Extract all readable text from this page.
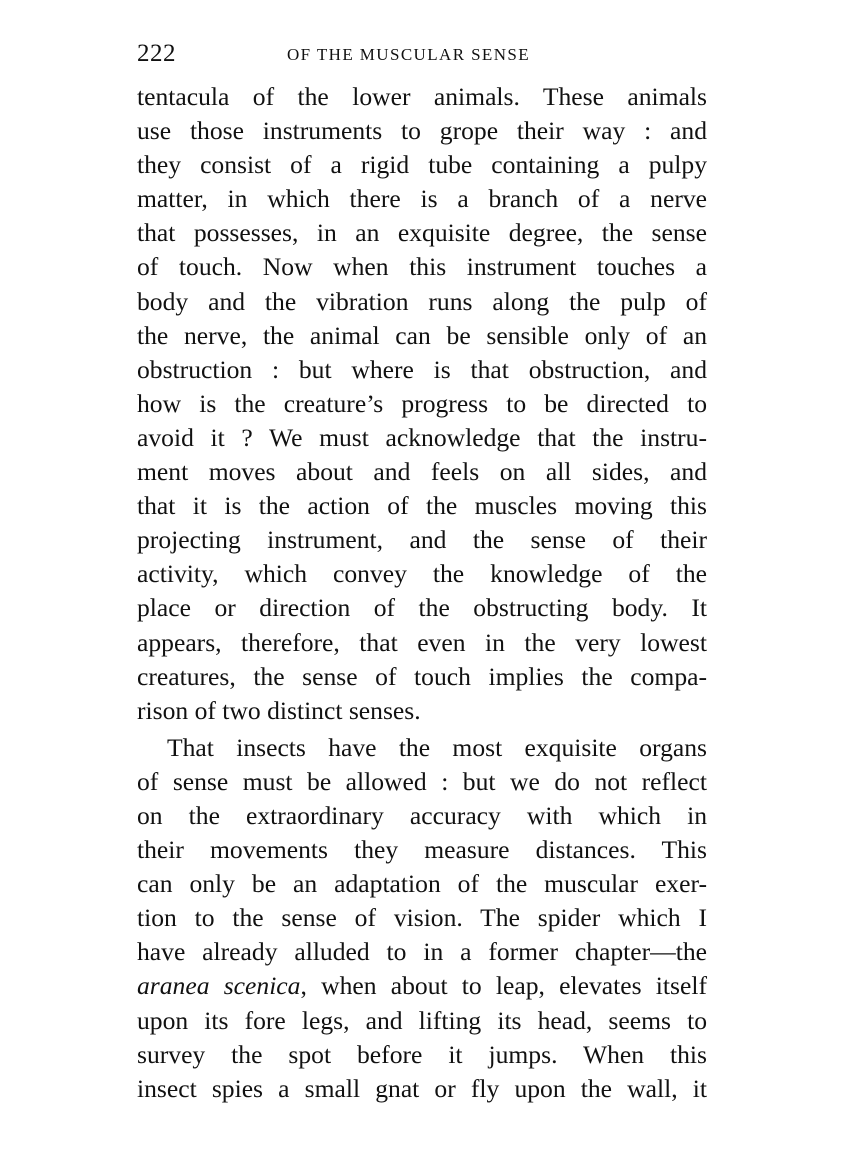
222	OF THE MUSCULAR SENSE
tentacula of the lower animals. These animals
use those instruments to grope their way : and
they consist of a rigid tube containing a pulpy
matter, in which there is a branch of a nerve
that possesses, in an exquisite degree, the sense
of touch. Now when this instrument touches a
body and the vibration runs along the pulp of
the nerve, the animal can be sensible only of an
obstruction : but where is that obstruction, and
how is the creature’s progress to be directed to
avoid it ? We must acknowledge that the instru-
ment moves about and feels on all sides, and
that it is the action of the muscles moving this
projecting instrument, and the sense of their
activity, which convey the knowledge of the
place or direction of the obstructing body. It
appears, therefore, that even in the very lowest
creatures, the sense of touch implies the compa-
rison of two distinct senses.
That insects have the most exquisite organs
of sense must be allowed : but we do not reflect
on the extraordinary accuracy with which in
their movements they measure distances. This
can only be an adaptation of the muscular exer-
tion to the sense of vision. The spider which I
have already alluded to in a former chapter—the
aranea scenica, when about to leap, elevates itself
upon its fore legs, and lifting its head, seems to
survey the spot before it jumps. When this
insect spies a small gnat or fly upon the wall, it
